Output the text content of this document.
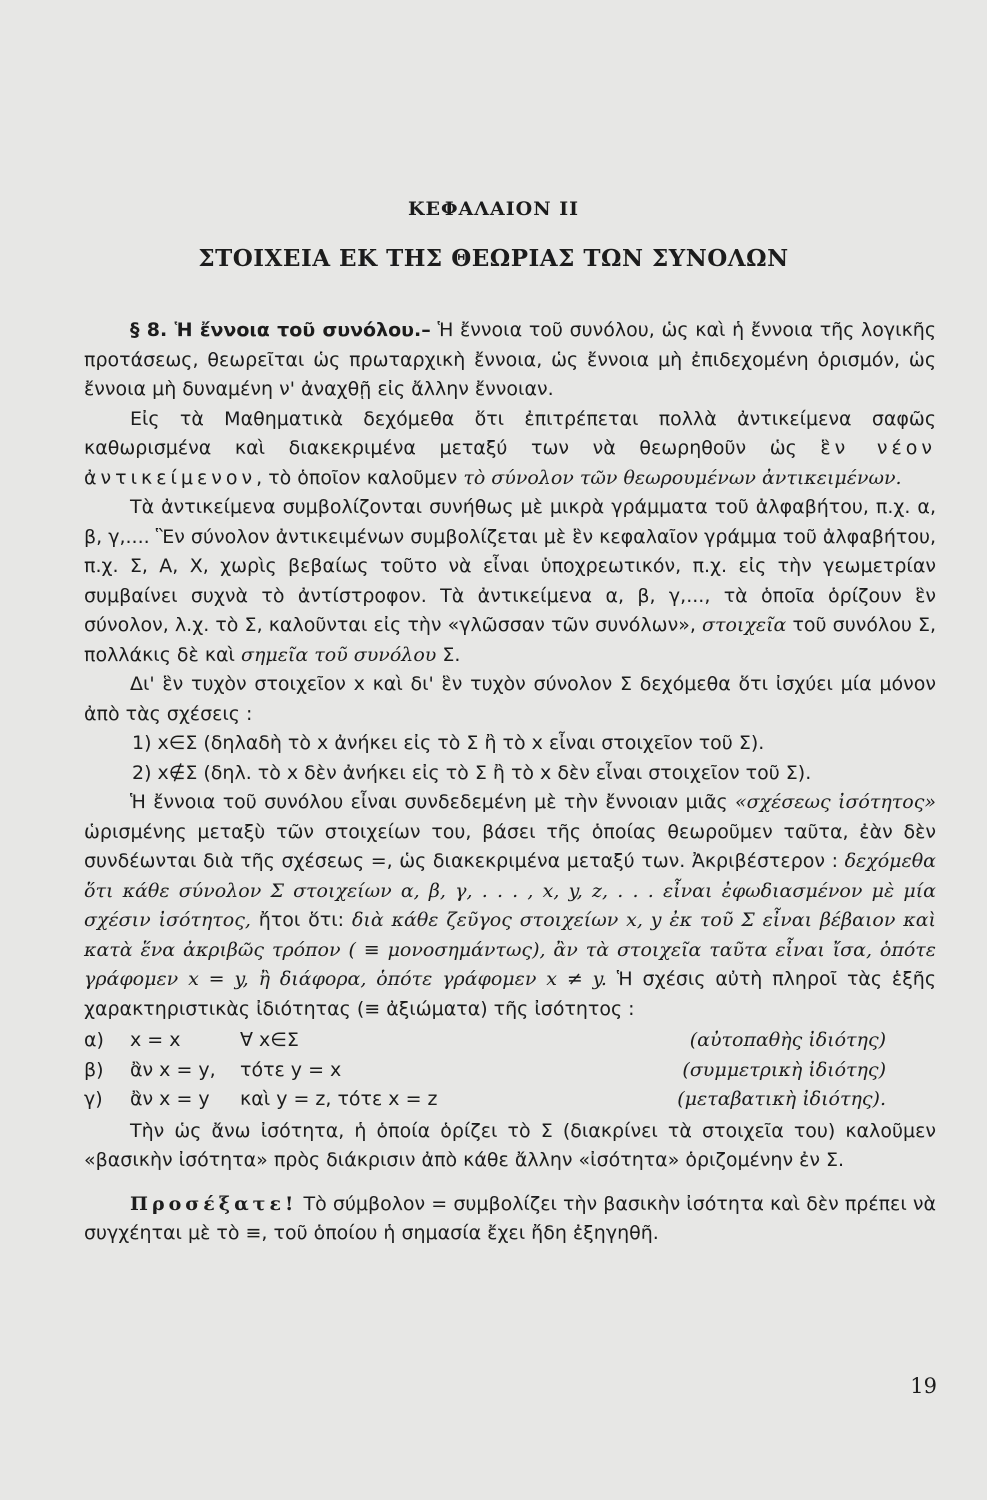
ΚΕΦΑΛΑΙΟΝ ΙΙ
ΣΤΟΙΧΕΙΑ ΕΚ ΤΗΣ ΘΕΩΡΙΑΣ ΤΩΝ ΣΥΝΟΛΩΝ

§ 8. Ἡ ἔννοια τοῦ συνόλου.– Ἡ ἔννοια τοῦ συνόλου, ὡς καὶ ἡ ἔννοια τῆς λογικῆς προτάσεως, θεωρεῖται ὡς πρωταρχικὴ ἔννοια, ὡς ἔννοια μὴ ἐπιδεχομένη ὁρισμόν, ὡς ἔννοια μὴ δυναμένη ν' ἀναχθῇ εἰς ἄλλην ἔννοιαν.

Εἰς τὰ Μαθηματικὰ δεχόμεθα ὅτι ἐπιτρέπεται πολλὰ ἀντικείμενα σαφῶς καθωρισμένα καὶ διακεκριμένα μεταξύ των νὰ θεωρηθοῦν ὡς ἓν νέον ἀντικείμενον, τὸ ὁποῖον καλοῦμεν τὸ σύνολον τῶν θεωρουμένων ἀντικειμένων.

Τὰ ἀντικείμενα συμβολίζονται συνήθως μὲ μικρὰ γράμματα τοῦ ἀλφαβήτου, π.χ. α, β, γ,.... Ἓν σύνολον ἀντικειμένων συμβολίζεται μὲ ἓν κεφαλαῖον γράμμα τοῦ ἀλφαβήτου, π.χ. Σ, Α, Χ, χωρὶς βεβαίως τοῦτο νὰ εἶναι ὑποχρεωτικόν, π.χ. εἰς τὴν γεωμετρίαν συμβαίνει συχνὰ τὸ ἀντίστροφον. Τὰ ἀντικείμενα α, β, γ,..., τὰ ὁποῖα ὁρίζουν ἓν σύνολον, λ.χ. τὸ Σ, καλοῦνται εἰς τὴν «γλῶσσαν τῶν συνόλων», στοιχεῖα τοῦ συνόλου Σ, πολλάκις δὲ καὶ σημεῖα τοῦ συνόλου Σ.

Δι' ἓν τυχὸν στοιχεῖον x καὶ δι' ἓν τυχὸν σύνολον Σ δεχόμεθα ὅτι ἰσχύει μία μόνον ἀπὸ τὰς σχέσεις :

1) x∈Σ (δηλαδὴ τὸ x ἀνήκει εἰς τὸ Σ ἢ τὸ x εἶναι στοιχεῖον τοῦ Σ).

2) x∉Σ (δηλ. τὸ x δὲν ἀνήκει εἰς τὸ Σ ἢ τὸ x δὲν εἶναι στοιχεῖον τοῦ Σ).

Ἡ ἔννοια τοῦ συνόλου εἶναι συνδεδεμένη μὲ τὴν ἔννοιαν μιᾶς «σχέσεως ἰσότητος» ὡρισμένης μεταξὺ τῶν στοιχείων του, βάσει τῆς ὁποίας θεωροῦμεν ταῦτα, ἐὰν δὲν συνδέωνται διὰ τῆς σχέσεως =, ὡς διακεκριμένα μεταξύ των. Ἀκριβέστερον : δεχόμεθα ὅτι κάθε σύνολον Σ στοιχείων α, β, γ, . . . , x, y, z, . . . εἶναι ἐφωδιασμένον μὲ μία σχέσιν ἰσότητος, ἤτοι ὅτι: διὰ κάθε ζεῦγος στοιχείων x, y ἐκ τοῦ Σ εἶναι βέβαιον καὶ κατὰ ἕνα ἀκριβῶς τρόπον ( ≡ μονοσημάντως), ἂν τὰ στοιχεῖα ταῦτα εἶναι ἴσα, ὁπότε γράφομεν x = y, ἢ διάφορα, ὁπότε γράφομεν x ≠ y. Ἡ σχέσις αὐτὴ πληροῖ τὰς ἑξῆς χαρακτηριστικὰς ἰδιότητας (≡ ἀξιώματα) τῆς ἰσότητος :

α)	x = x	∀ x∈Σ	(αὐτοπαθὴς ἰδιότης)
β)	ἂν x = y,	τότε y = x	(συμμετρικὴ ἰδιότης)
γ)	ἂν x = y	καὶ y = z, τότε x = z	(μεταβατικὴ ἰδιότης).

Τὴν ὡς ἄνω ἰσότητα, ἡ ὁποία ὁρίζει τὸ Σ (διακρίνει τὰ στοιχεῖα του) καλοῦμεν «βασικὴν ἰσότητα» πρὸς διάκρισιν ἀπὸ κάθε ἄλλην «ἰσότητα» ὁριζομένην ἐν Σ.

Προσέξατε! Τὸ σύμβολον = συμβολίζει τὴν βασικὴν ἰσότητα καὶ δὲν πρέπει νὰ συγχέηται μὲ τὸ ≡, τοῦ ὁποίου ἡ σημασία ἔχει ἤδη ἐξηγηθῆ.

19
